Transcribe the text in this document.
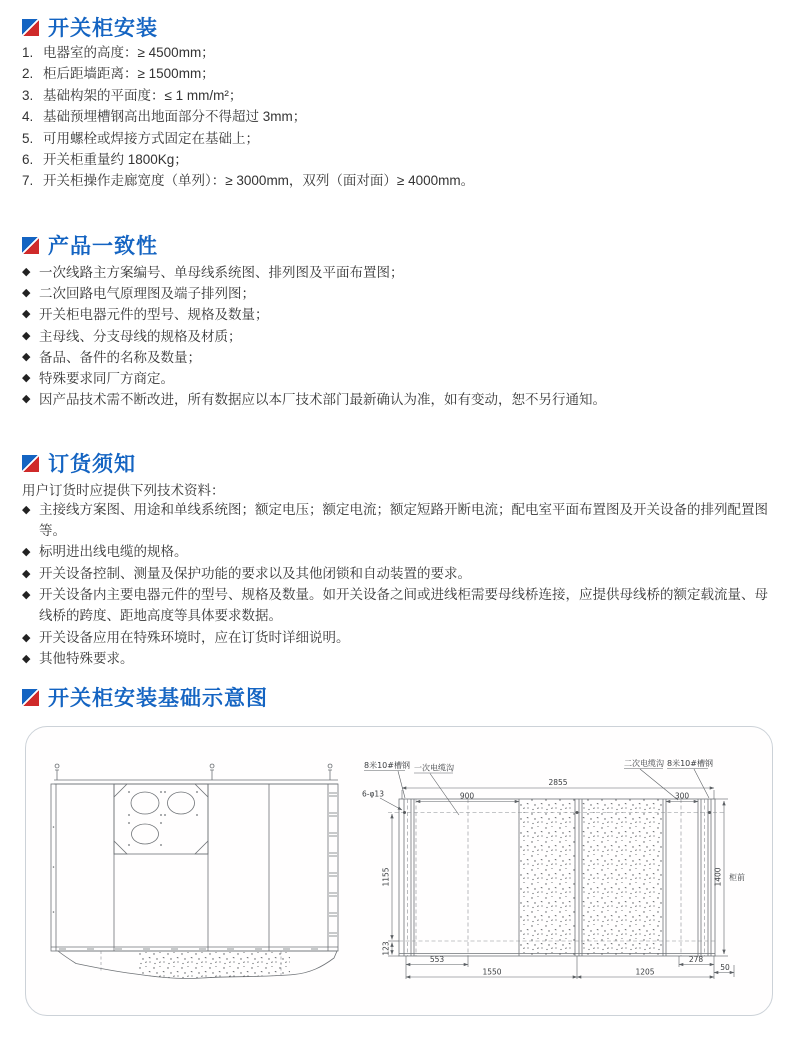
开关柜安装
1. 电器室的高度：≥ 4500mm；
2. 柜后距墙距离：≥ 1500mm；
3. 基础构架的平面度：≤ 1 mm/m²；
4. 基础预埋槽钢高出地面部分不得超过 3mm；
5. 可用螺栓或焊接方式固定在基础上；
6. 开关柜重量约 1800Kg；
7. 开关柜操作走廊宽度（单列）：≥ 3000mm，双列（面对面）≥ 4000mm。
产品一致性
◆ 一次线路主方案编号、单母线系统图、排列图及平面布置图；
◆ 二次回路电气原理图及端子排列图；
◆ 开关柜电器元件的型号、规格及数量；
◆ 主母线、分支母线的规格及材质；
◆ 备品、备件的名称及数量；
◆ 特殊要求同厂方商定。
◆ 因产品技术需不断改进，所有数据应以本厂技术部门最新确认为准，如有变动，恕不另行通知。
订货须知
用户订货时应提供下列技术资料：
◆ 主接线方案图、用途和单线系统图；额定电压；额定电流；额定短路开断电流；配电室平面布置图及开关设备的排列配置图等。
◆ 标明进出线电缆的规格。
◆ 开关设备控制、测量及保护功能的要求以及其他闭锁和自动装置的要求。
◆ 开关设备内主要电器元件的型号、规格及数量。如开关设备之间或进线柜需要母线桥连接，应提供母线桥的额定载流量、母线桥的跨度、距地高度等具体要求数据。
◆ 开关设备应用在特殊环境时，应在订货时详细说明。
◆ 其他特殊要求。
开关柜安装基础示意图
8米10#槽钢 一次电缆沟	二次电缆沟 8米10#槽钢
6-φ13
2855
900	300
1155
123
1400 柜前
553
1550	1205
278
50
